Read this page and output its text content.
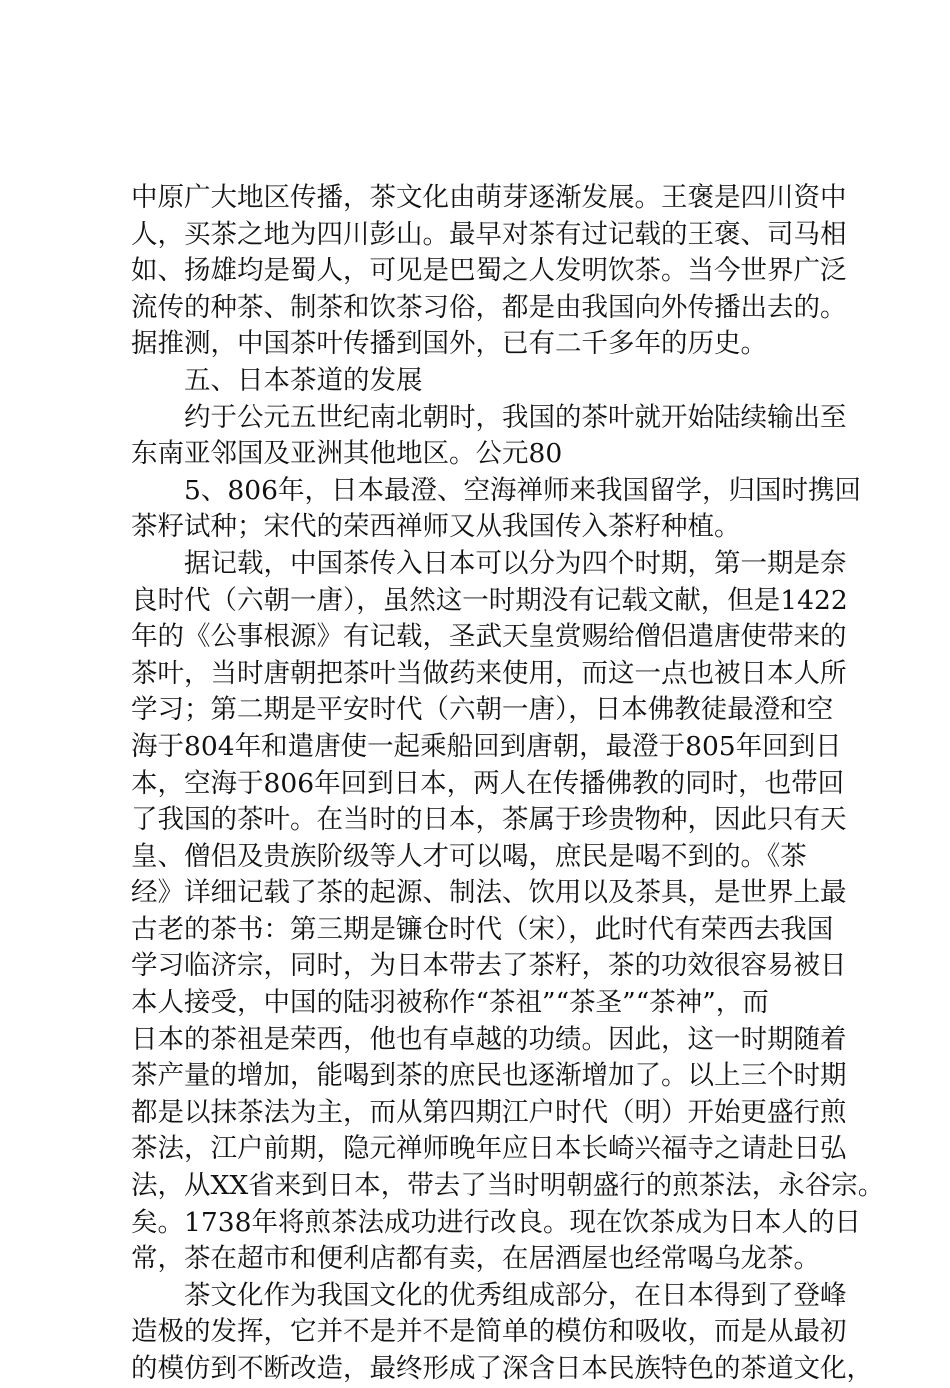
中原广大地区传播，茶文化由萌芽逐渐发展。王褒是四川资中
人，买茶之地为四川彭山。最早对茶有过记载的王褒、司马相
如、扬雄均是蜀人，可见是巴蜀之人发明饮茶。当今世界广泛
流传的种茶、制茶和饮茶习俗，都是由我国向外传播出去的。
据推测，中国茶叶传播到国外，已有二千多年的历史。
五、日本茶道的发展
约于公元五世纪南北朝时，我国的茶叶就开始陆续输出至
东南亚邻国及亚洲其他地区。公元80
5、806年，日本最澄、空海禅师来我国留学，归国时携回
茶籽试种；宋代的荣西禅师又从我国传入茶籽种植。
据记载，中国茶传入日本可以分为四个时期，第一期是奈
良时代（六朝一唐），虽然这一时期没有记载文献，但是1422
年的《公事根源》有记载，圣武天皇赏赐给僧侣遣唐使带来的
茶叶，当时唐朝把茶叶当做药来使用，而这一点也被日本人所
学习；第二期是平安时代（六朝一唐），日本佛教徒最澄和空
海于804年和遣唐使一起乘船回到唐朝，最澄于805年回到日
本，空海于806年回到日本，两人在传播佛教的同时，也带回
了我国的茶叶。在当时的日本，茶属于珍贵物种，因此只有天
皇、僧侣及贵族阶级等人才可以喝，庶民是喝不到的。《茶
经》详细记载了茶的起源、制法、饮用以及茶具，是世界上最
古老的茶书：第三期是镰仓时代（宋），此时代有荣西去我国
学习临济宗，同时，为日本带去了茶籽，茶的功效很容易被日
本人接受，中国的陆羽被称作“茶祖”“茶圣”“茶神”，而
日本的茶祖是荣西，他也有卓越的功绩。因此，这一时期随着
茶产量的增加，能喝到茶的庶民也逐渐增加了。以上三个时期
都是以抹茶法为主，而从第四期江户时代（明）开始更盛行煎
茶法，江户前期，隐元禅师晚年应日本长崎兴福寺之请赴日弘
法，从XX省来到日本，带去了当时明朝盛行的煎茶法，永谷宗。
矣。1738年将煎茶法成功进行改良。现在饮茶成为日本人的日
常，茶在超市和便利店都有卖，在居酒屋也经常喝乌龙茶。
茶文化作为我国文化的优秀组成部分，在日本得到了登峰
造极的发挥，它并不是并不是简单的模仿和吸收，而是从最初
的模仿到不断改造，最终形成了深含日本民族特色的茶道文化，
